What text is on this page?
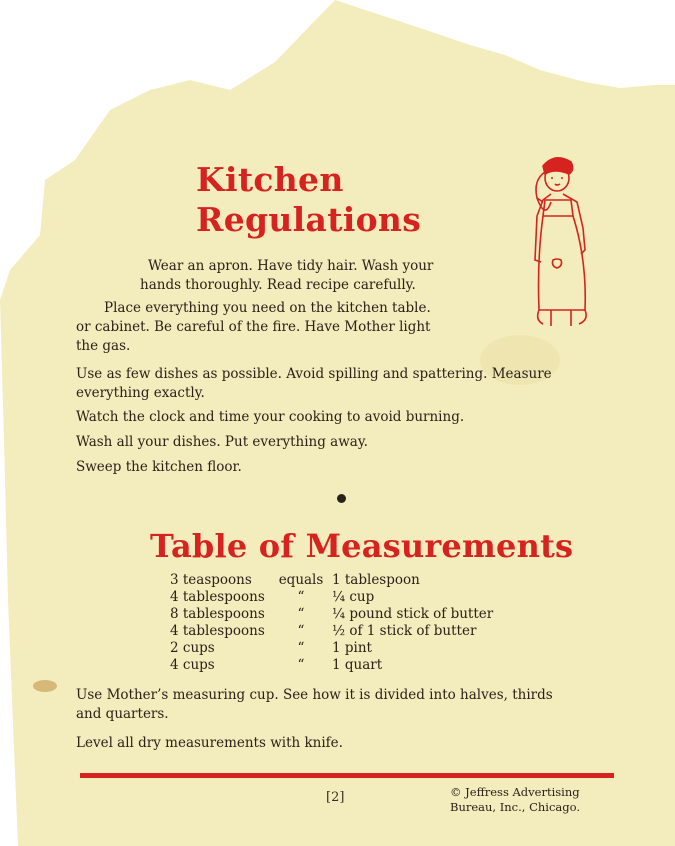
Kitchen
Regulations

Wear an apron. Have tidy hair. Wash your

hands thoroughly. Read recipe carefully.

Place everything you need on the kitchen table.

or cabinet. Be careful of the fire. Have Mother light

the gas.

Use as few dishes as possible. Avoid spilling and spattering. Measure

everything exactly.

Watch the clock and time your cooking to avoid burning.

Wash all your dishes. Put everything away.

Sweep the kitchen floor.

Table of Measurements
3 teaspoons	equals	1 tablespoon
4 tablespoons	“	¼ cup
8 tablespoons	“	¼ pound stick of butter
4 tablespoons	“	½ of 1 stick of butter
2 cups	“	1 pint
4 cups	“	1 quart

Use Mother’s measuring cup. See how it is divided into halves, thirds

and quarters.

Level all dry measurements with knife.

[2]	© Jeffress Advertising
Bureau, Inc., Chicago.
